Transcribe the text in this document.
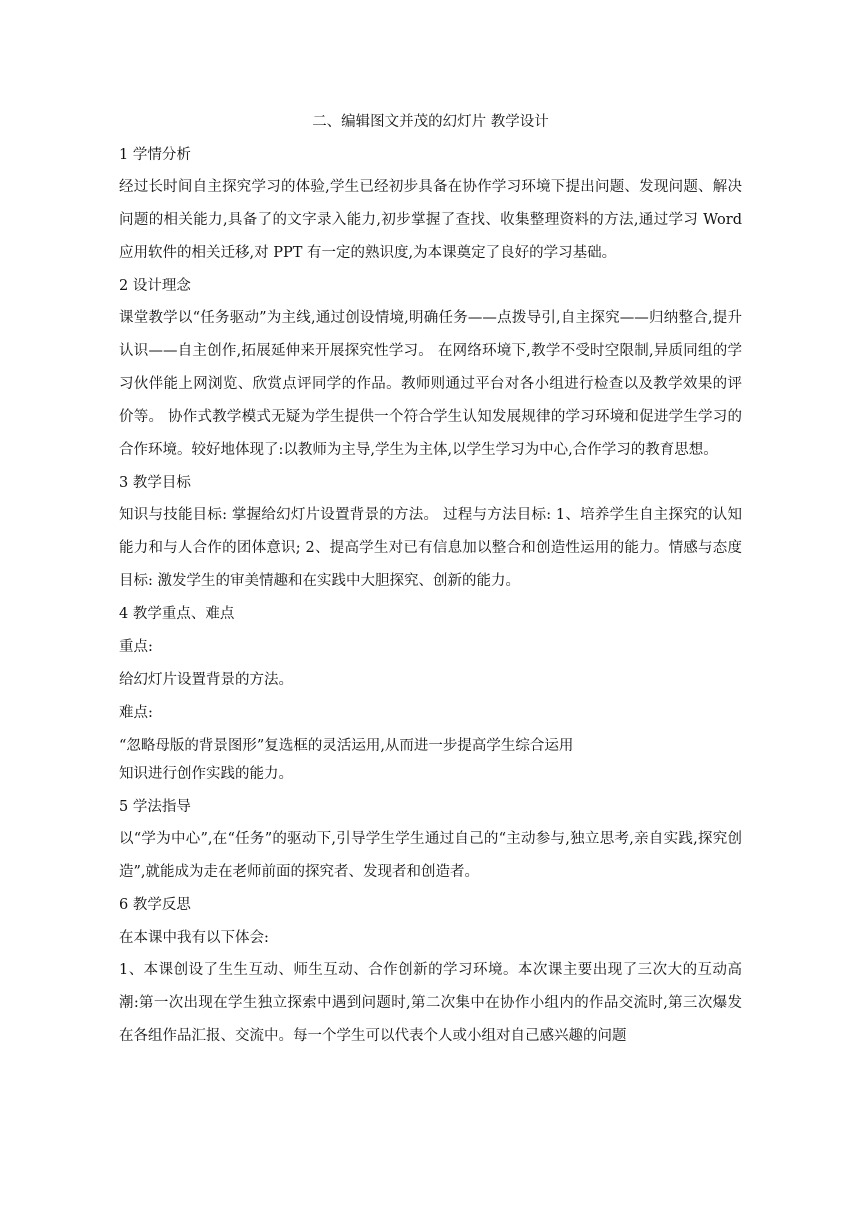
二、编辑图文并茂的幻灯片 教学设计
1 学情分析
经过长时间自主探究学习的体验,学生已经初步具备在协作学习环境下提出问题、发现问题、解决问题的相关能力,具备了的文字录入能力,初步掌握了查找、收集整理资料的方法,通过学习 Word 应用软件的相关迁移,对 PPT 有一定的熟识度,为本课奠定了良好的学习基础。
2 设计理念
课堂教学以“任务驱动”为主线,通过创设情境,明确任务——点拨导引,自主探究——归纳整合,提升认识——自主创作,拓展延伸来开展探究性学习。 在网络环境下,教学不受时空限制,异质同组的学习伙伴能上网浏览、欣赏点评同学的作品。教师则通过平台对各小组进行检查以及教学效果的评价等。 协作式教学模式无疑为学生提供一个符合学生认知发展规律的学习环境和促进学生学习的合作环境。较好地体现了:以教师为主导,学生为主体,以学生学习为中心,合作学习的教育思想。
3 教学目标
知识与技能目标: 掌握给幻灯片设置背景的方法。 过程与方法目标: 1、培养学生自主探究的认知能力和与人合作的团体意识; 2、提高学生对已有信息加以整合和创造性运用的能力。情感与态度目标: 激发学生的审美情趣和在实践中大胆探究、创新的能力。
4 教学重点、难点
重点:
给幻灯片设置背景的方法。
难点:
“忽略母版的背景图形”复选框的灵活运用,从而进一步提高学生综合运用
知识进行创作实践的能力。
5 学法指导
以“学为中心”,在“任务”的驱动下,引导学生学生通过自己的“主动参与,独立思考,亲自实践,探究创造”,就能成为走在老师前面的探究者、发现者和创造者。
6 教学反思
在本课中我有以下体会:
1、本课创设了生生互动、师生互动、合作创新的学习环境。本次课主要出现了三次大的互动高潮:第一次出现在学生独立探索中遇到问题时,第二次集中在协作小组内的作品交流时,第三次爆发在各组作品汇报、交流中。每一个学生可以代表个人或小组对自己感兴趣的问题
